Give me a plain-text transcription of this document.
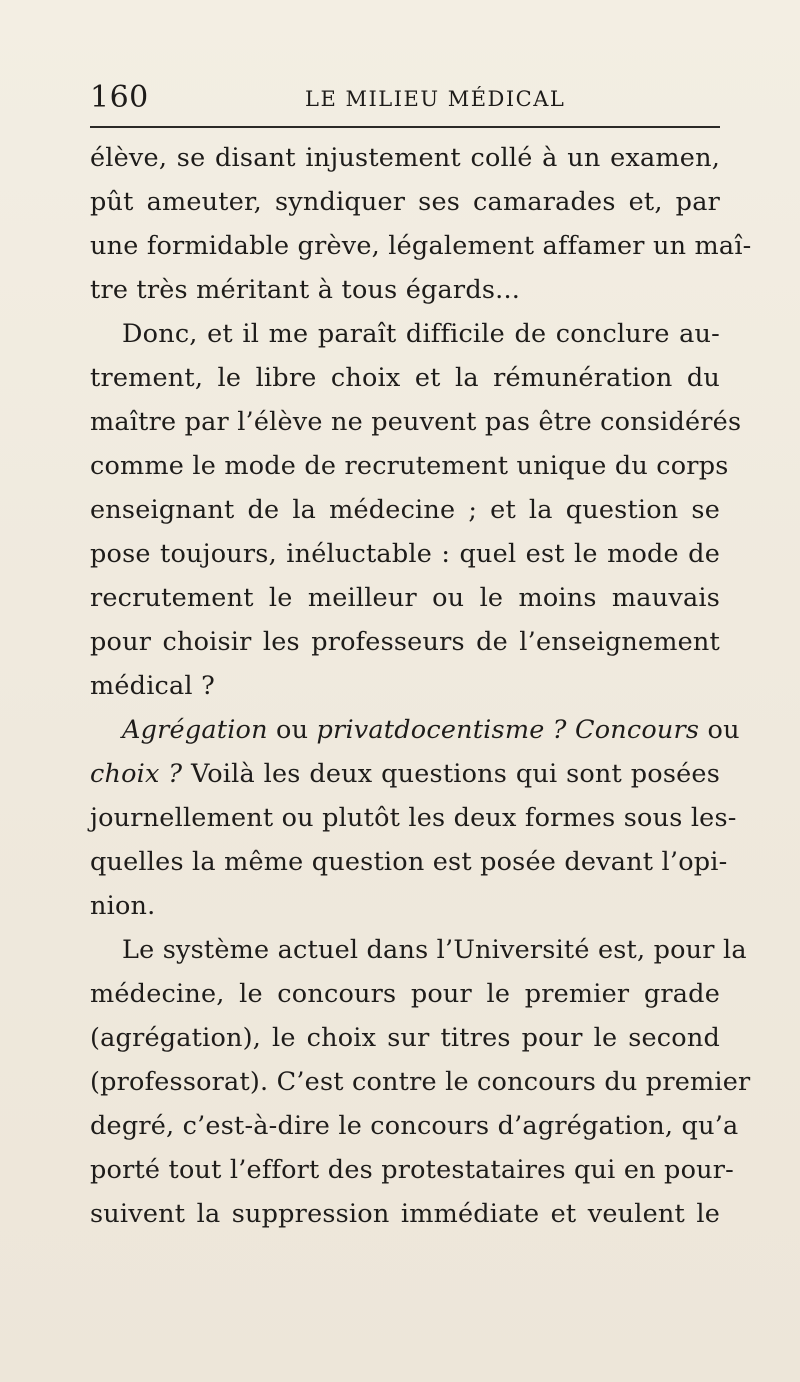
160	LE MILIEU MÉDICAL
élève, se disant injustement collé à un examen,
pût ameuter, syndiquer ses camarades et, par
une formidable grève, légalement affamer un maî-
tre très méritant à tous égards...
Donc, et il me paraît difficile de conclure au-
trement, le libre choix et la rémunération du
maître par l’élève ne peuvent pas être considérés
comme le mode de recrutement unique du corps
enseignant de la médecine ; et la question se
pose toujours, inéluctable : quel est le mode de
recrutement le meilleur ou le moins mauvais
pour choisir les professeurs de l’enseignement
médical ?
Agrégation ou privatdocentisme ? Concours ou
choix ? Voilà les deux questions qui sont posées
journellement ou plutôt les deux formes sous les-
quelles la même question est posée devant l’opi-
nion.
Le système actuel dans l’Université est, pour la
médecine, le concours pour le premier grade
(agrégation), le choix sur titres pour le second
(professorat). C’est contre le concours du premier
degré, c’est-à-dire le concours d’agrégation, qu’a
porté tout l’effort des protestataires qui en pour-
suivent la suppression immédiate et veulent le
